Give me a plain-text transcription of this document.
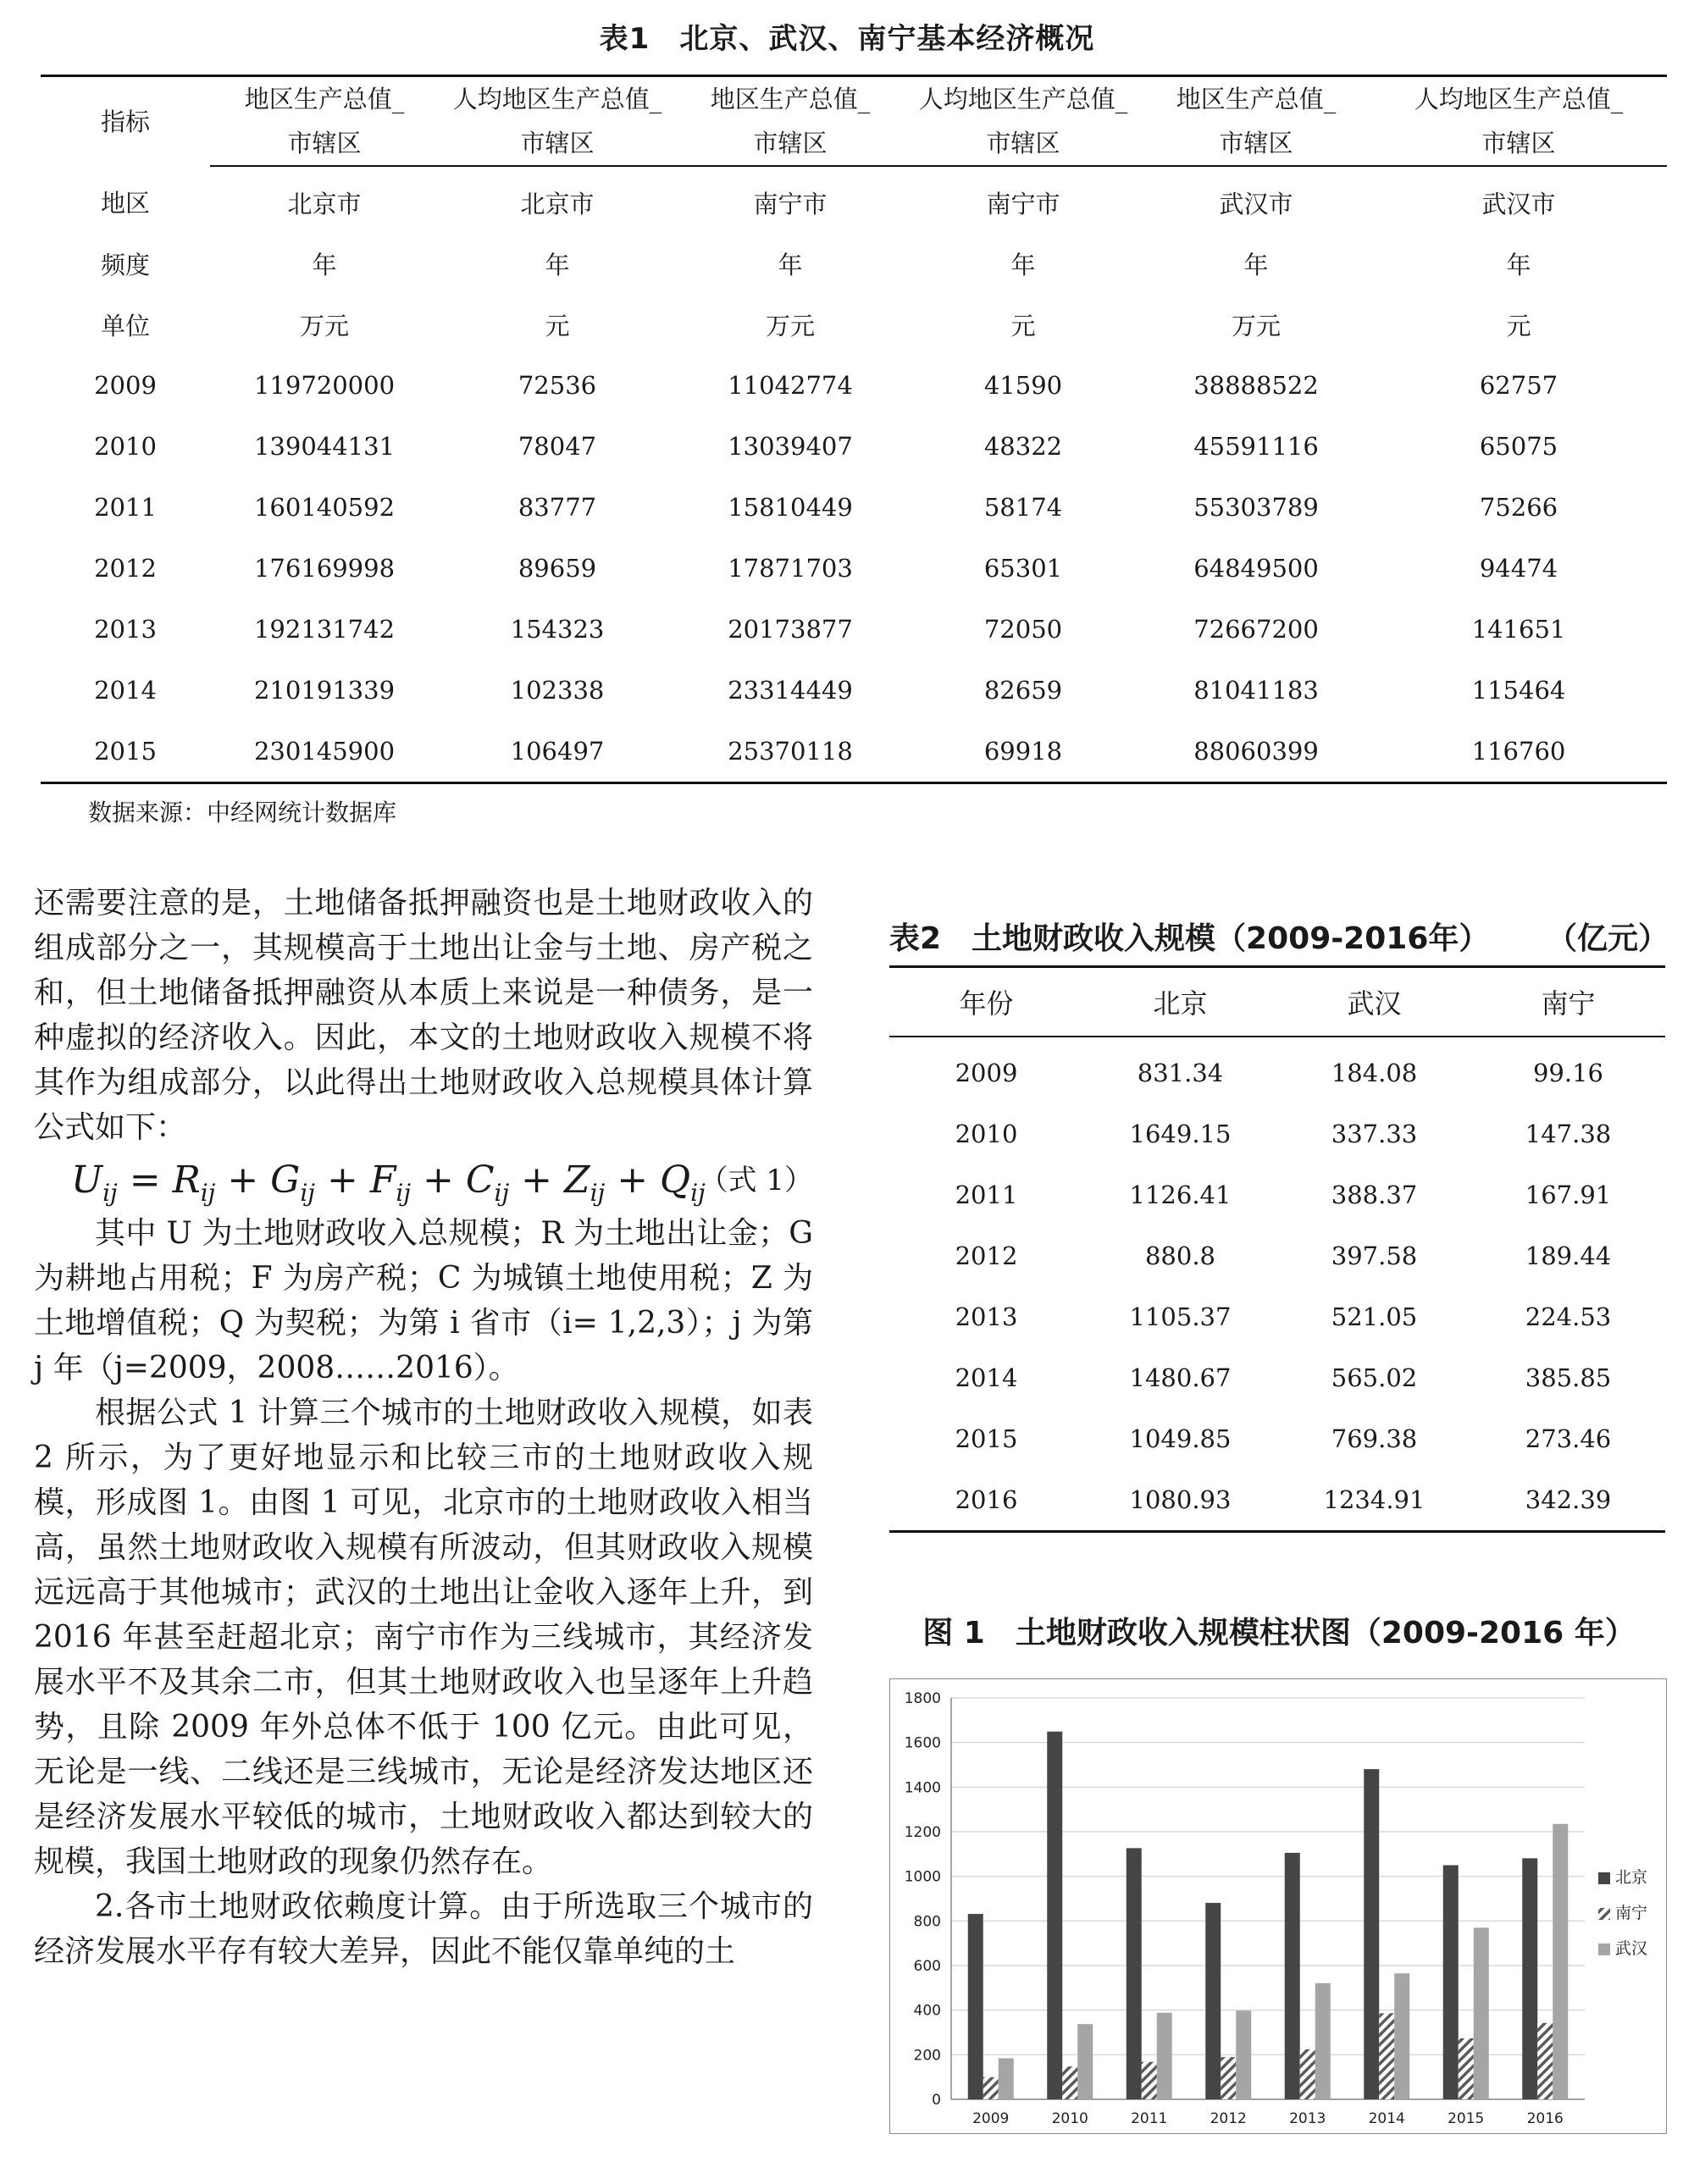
表1　北京、武汉、南宁基本经济概况
指标	地区生产总值_	人均地区生产总值_	地区生产总值_	人均地区生产总值_	地区生产总值_	人均地区生产总值_
	市辖区	市辖区	市辖区	市辖区	市辖区	市辖区
地区	北京市	北京市	南宁市	南宁市	武汉市	武汉市
频度	年	年	年	年	年	年
单位	万元	元	万元	元	万元	元
2009	119720000	72536	11042774	41590	38888522	62757
2010	139044131	78047	13039407	48322	45591116	65075
2011	160140592	83777	15810449	58174	55303789	75266
2012	176169998	89659	17871703	65301	64849500	94474
2013	192131742	154323	20173877	72050	72667200	141651
2014	210191339	102338	23314449	82659	81041183	115464
2015	230145900	106497	25370118	69918	88060399	116760
数据来源：中经网统计数据库

还需要注意的是，土地储备抵押融资也是土地财政收入的组成部分之一，其规模高于土地出让金与土地、房产税之和，但土地储备抵押融资从本质上来说是一种债务，是一种虚拟的经济收入。因此，本文的土地财政收入规模不将其作为组成部分，以此得出土地财政收入总规模具体计算公式如下：

$U_{ij} = R_{ij} + G_{ij} + F_{ij} + C_{ij} + Z_{ij} + Q_{ij}$
（式 1）

其中 U 为土地财政收入总规模；R 为土地出让金；G 为耕地占用税；F 为房产税；C 为城镇土地使用税；Z 为土地增值税；Q 为契税；为第 i 省市（i= 1,2,3）；j 为第 j 年（j=2009，2008……2016）。

根据公式 1 计算三个城市的土地财政收入规模，如表 2 所示，为了更好地显示和比较三市的土地财政收入规模，形成图 1。由图 1 可见，北京市的土地财政收入相当高，虽然土地财政收入规模有所波动，但其财政收入规模远远高于其他城市；武汉的土地出让金收入逐年上升，到 2016 年甚至赶超北京；南宁市作为三线城市，其经济发展水平不及其余二市，但其土地财政收入也呈逐年上升趋势，且除 2009 年外总体不低于 100 亿元。由此可见，无论是一线、二线还是三线城市，无论是经济发达地区还是经济发展水平较低的城市，土地财政收入都达到较大的规模，我国土地财政的现象仍然存在。

2.各市土地财政依赖度计算。由于所选取三个城市的经济发展水平存有较大差异，因此不能仅靠单纯的土

表2　土地财政收入规模（2009-2016年） （亿元）
年份	北京	武汉	南宁
2009	831.34	184.08	99.16
2010	1649.15	337.33	147.38
2011	1126.41	388.37	167.91
2012	880.8	397.58	189.44
2013	1105.37	521.05	224.53
2014	1480.67	565.02	385.85
2015	1049.85	769.38	273.46
2016	1080.93	1234.91	342.39
图 1　土地财政收入规模柱状图（2009-2016 年）
0
200
400
600
800
1000
1200
1400
1600
1800
2009	2010	2011	2012	2013	2014	2015	2016
北京
南宁
武汉
